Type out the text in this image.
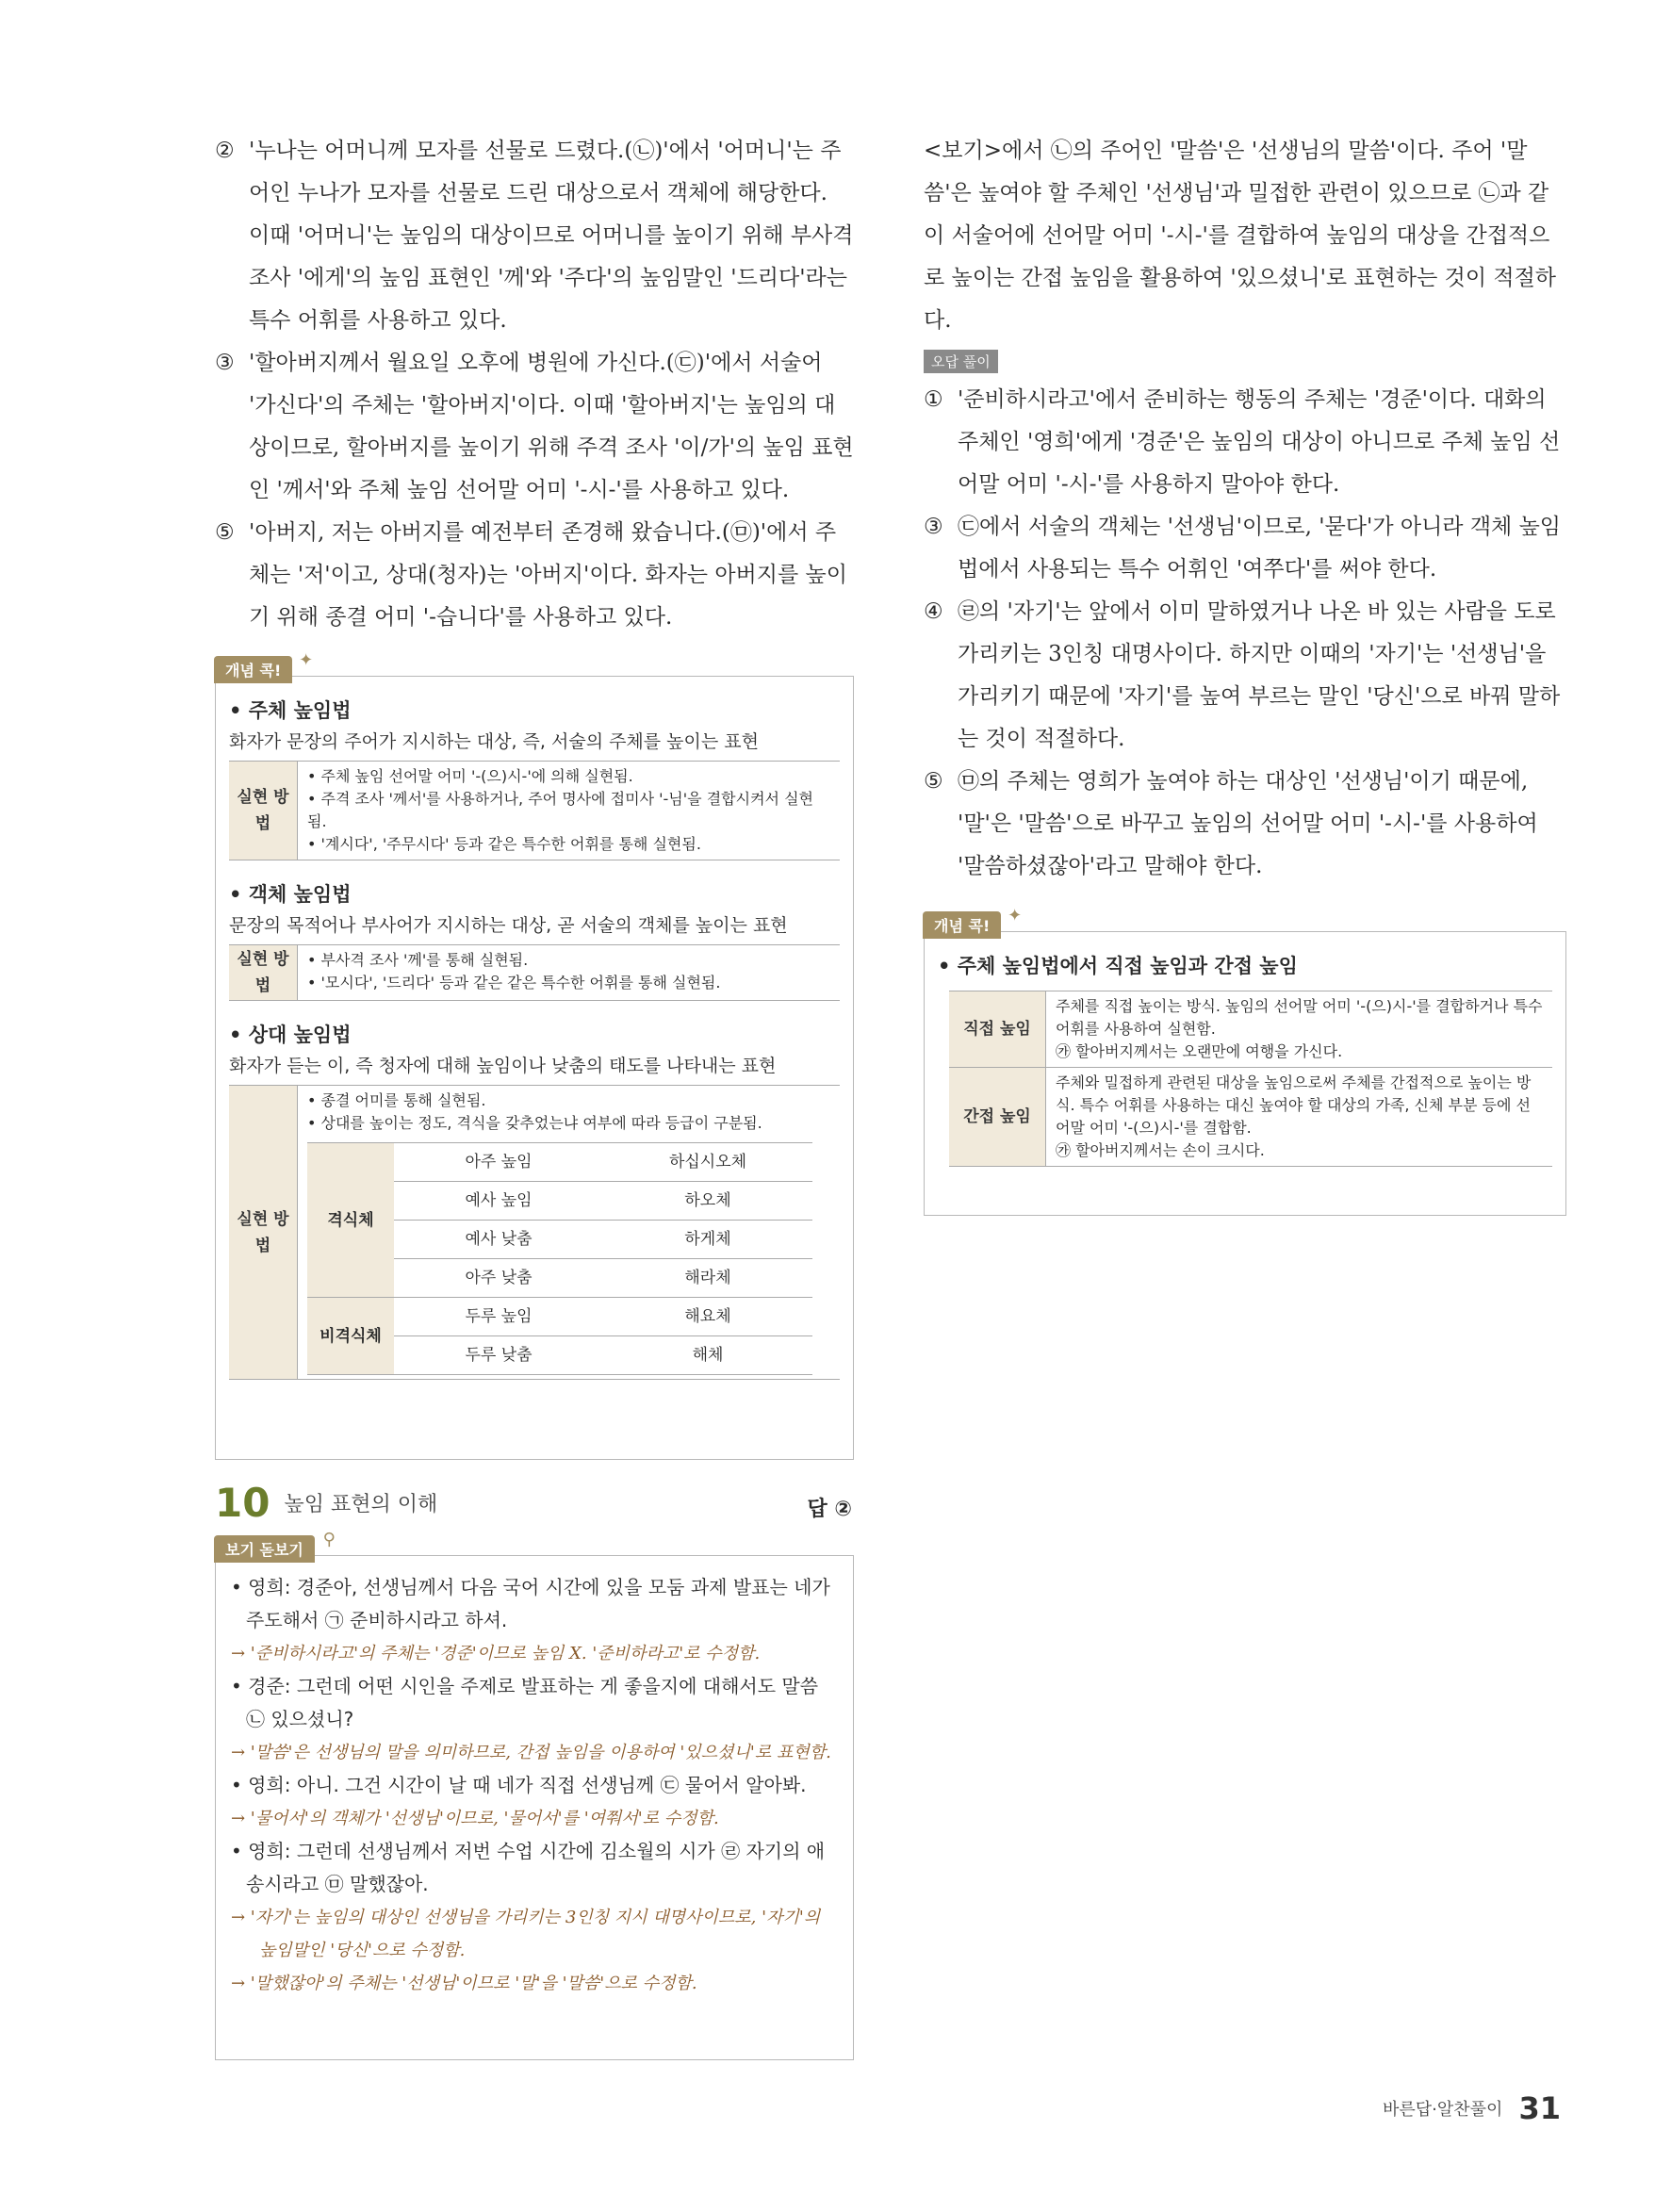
② '누나는 어머니께 모자를 선물로 드렸다.(㉡)'에서 '어머니'는 주어인 누나가 모자를 선물로 드린 대상으로서 객체에 해당한다. 이때 '어머니'는 높임의 대상이므로 어머니를 높이기 위해 부사격 조사 '에게'의 높임 표현인 '께'와 '주다'의 높임말인 '드리다'라는 특수 어휘를 사용하고 있다.

③ '할아버지께서 월요일 오후에 병원에 가신다.(㉢)'에서 서술어 '가신다'의 주체는 '할아버지'이다. 이때 '할아버지'는 높임의 대상이므로, 할아버지를 높이기 위해 주격 조사 '이/가'의 높임 표현인 '께서'와 주체 높임 선어말 어미 '-시-'를 사용하고 있다.

⑤ '아버지, 저는 아버지를 예전부터 존경해 왔습니다.(㉤)'에서 주체는 '저'이고, 상대(청자)는 '아버지'이다. 화자는 아버지를 높이기 위해 종결 어미 '-습니다'를 사용하고 있다.

개념 콕!
✦

• 주체 높임법

화자가 문장의 주어가 지시하는 대상, 즉, 서술의 주체를 높이는 표현

실현 방법	
• 주체 높임 선어말 어미 '-(으)시-'에 의해 실현됨.
• 주격 조사 '께서'를 사용하거나, 주어 명사에 접미사 '-님'을 결합시켜서 실현됨.
• '계시다', '주무시다' 등과 같은 특수한 어휘를 통해 실현됨.

• 객체 높임법

문장의 목적어나 부사어가 지시하는 대상, 곧 서술의 객체를 높이는 표현

실현 방법	
• 부사격 조사 '께'를 통해 실현됨.
• '모시다', '드리다' 등과 같은 같은 특수한 어휘를 통해 실현됨.

• 상대 높임법

화자가 듣는 이, 즉 청자에 대해 높임이나 낮춤의 태도를 나타내는 표현

실현 방법	
• 종결 어미를 통해 실현됨.
• 상대를 높이는 정도, 격식을 갖추었는냐 여부에 따라 등급이 구분됨.
격식체	아주 높임	하십시오체
예사 높임	하오체
예사 낮춤	하게체
아주 낮춤	해라체
비격식체	두루 높임	해요체
두루 낮춤	해체
10 높임 표현의 이해	답 ②
보기 돋보기
⚲

• 영희: 경준아, 선생님께서 다음 국어 시간에 있을 모둠 과제 발표는 네가 주도해서 ㉠ 준비하시라고 하셔.

→ '준비하시라고'의 주체는 '경준'이므로 높임 X. '준비하라고'로 수정함.

• 경준: 그런데 어떤 시인을 주제로 발표하는 게 좋을지에 대해서도 말씀 ㉡ 있으셨니?

→ '말씀'은 선생님의 말을 의미하므로, 간접 높임을 이용하여 '있으셨니'로 표현함.

• 영희: 아니. 그건 시간이 날 때 네가 직접 선생님께 ㉢ 물어서 알아봐.

→ '물어서'의 객체가 '선생님'이므로, '물어서'를 '여쭤서'로 수정함.

• 영희: 그런데 선생님께서 저번 수업 시간에 김소월의 시가 ㉣ 자기의 애송시라고 ㉤ 말했잖아.

→ '자기'는 높임의 대상인 선생님을 가리키는 3인칭 지시 대명사이므로, '자기'의 높임말인 '당신'으로 수정함.

→ '말했잖아'의 주체는 '선생님'이므로 '말'을 '말씀'으로 수정함.

<보기>에서 ㉡의 주어인 '말씀'은 '선생님의 말씀'이다. 주어 '말씀'은 높여야 할 주체인 '선생님'과 밀접한 관련이 있으므로 ㉡과 같이 서술어에 선어말 어미 '-시-'를 결합하여 높임의 대상을 간접적으로 높이는 간접 높임을 활용하여 '있으셨니'로 표현하는 것이 적절하다.

오답 풀이

① '준비하시라고'에서 준비하는 행동의 주체는 '경준'이다. 대화의 주체인 '영희'에게 '경준'은 높임의 대상이 아니므로 주체 높임 선어말 어미 '-시-'를 사용하지 말아야 한다.

③ ㉢에서 서술의 객체는 '선생님'이므로, '묻다'가 아니라 객체 높임법에서 사용되는 특수 어휘인 '여쭈다'를 써야 한다.

④ ㉣의 '자기'는 앞에서 이미 말하였거나 나온 바 있는 사람을 도로 가리키는 3인칭 대명사이다. 하지만 이때의 '자기'는 '선생님'을 가리키기 때문에 '자기'를 높여 부르는 말인 '당신'으로 바꿔 말하는 것이 적절하다.

⑤ ㉤의 주체는 영희가 높여야 하는 대상인 '선생님'이기 때문에, '말'은 '말씀'으로 바꾸고 높임의 선어말 어미 '-시-'를 사용하여 '말씀하셨잖아'라고 말해야 한다.

개념 콕!
✦

• 주체 높임법에서 직접 높임과 간접 높임

직접 높임	주체를 직접 높이는 방식. 높임의 선어말 어미 '-(으)시-'를 결합하거나 특수 어휘를 사용하여 실현함.
㉮ 할아버지께서는 오랜만에 여행을 가신다.

간접 높임	주체와 밀접하게 관련된 대상을 높임으로써 주체를 간접적으로 높이는 방식. 특수 어휘를 사용하는 대신 높여야 할 대상의 가족, 신체 부분 등에 선어말 어미 '-(으)시-'를 결합함.
㉮ 할아버지께서는 손이 크시다.
바른답·알찬풀이 31
